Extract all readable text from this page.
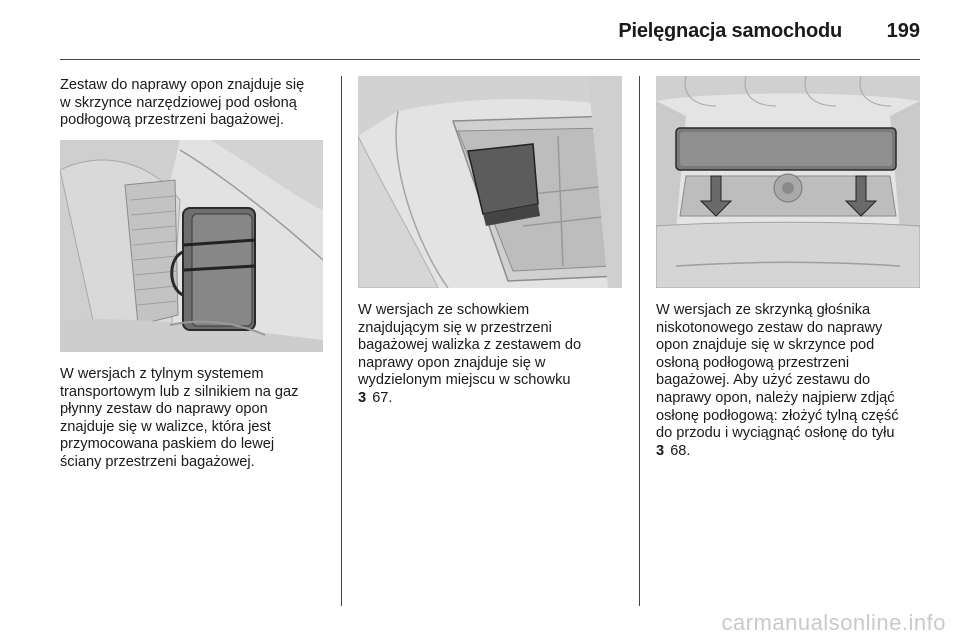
Pielęgnacja samochodu 199

Zestaw do naprawy opon znajduje się

w skrzynce narzędziowej pod osłoną

podłogową przestrzeni bagażowej.

W wersjach z tylnym systemem

transportowym lub z silnikiem na gaz

płynny zestaw do naprawy opon

znajduje się w walizce, która jest

przymocowana paskiem do lewej

ściany przestrzeni bagażowej.

W wersjach ze schowkiem

znajdującym się w przestrzeni

bagażowej walizka z zestawem do

naprawy opon znajduje się w

wydzielonym miejscu w schowku

3 67.

W wersjach ze skrzynką głośnika

niskotonowego zestaw do naprawy

opon znajduje się w skrzynce pod

osłoną podłogową przestrzeni

bagażowej. Aby użyć zestawu do

naprawy opon, należy najpierw zdjąć

osłonę podłogową: złożyć tylną część

do przodu i wyciągnąć osłonę do tyłu

3 68.

carmanualsonline.info
